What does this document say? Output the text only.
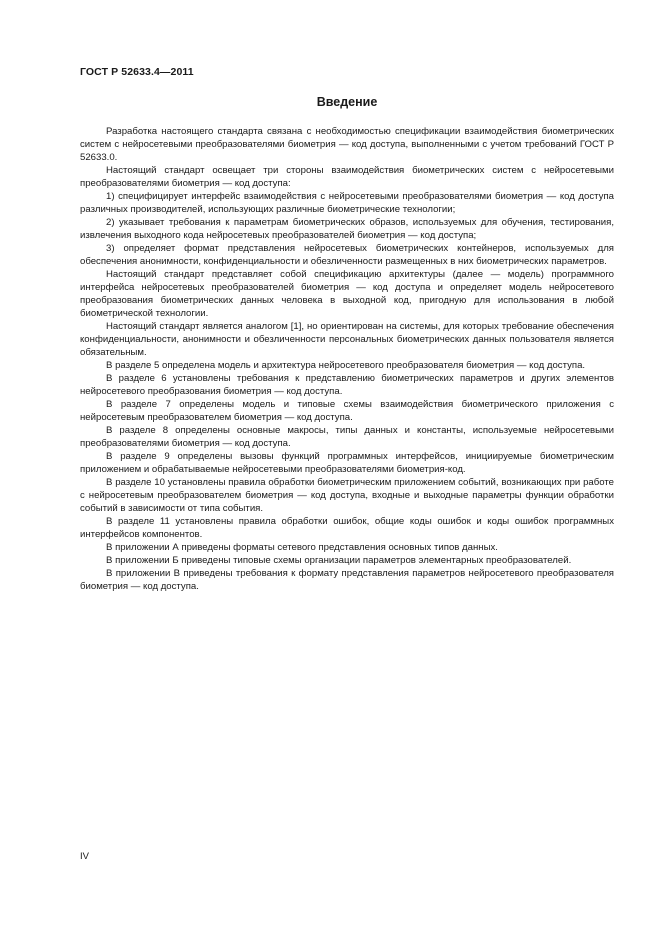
ГОСТ Р 52633.4—2011
Введение

Разработка настоящего стандарта связана с необходимостью спецификации взаимодействия биометрических систем с нейросетевыми преобразователями биометрия — код доступа, выполненными с учетом требований ГОСТ Р 52633.0.

Настоящий стандарт освещает три стороны взаимодействия биометрических систем с нейросетевыми преобразователями биометрия — код доступа:

1) специфицирует интерфейс взаимодействия с нейросетевыми преобразователями биометрия — код доступа различных производителей, использующих различные биометрические технологии;

2) указывает требования к параметрам биометрических образов, используемых для обучения, тестирования, извлечения выходного кода нейросетевых преобразователей биометрия — код доступа;

3) определяет формат представления нейросетевых биометрических контейнеров, используемых для обеспечения анонимности, конфиденциальности и обезличенности размещенных в них биометрических параметров.

Настоящий стандарт представляет собой спецификацию архитектуры (далее — модель) программного интерфейса нейросетевых преобразователей биометрия — код доступа и определяет модель нейросетевого преобразования биометрических данных человека в выходной код, пригодную для использования в любой биометрической технологии.

Настоящий стандарт является аналогом [1], но ориентирован на системы, для которых требование обеспечения конфиденциальности, анонимности и обезличенности персональных биометрических данных пользователя является обязательным.

В разделе 5 определена модель и архитектура нейросетевого преобразователя биометрия — код доступа.

В разделе 6 установлены требования к представлению биометрических параметров и других элементов нейросетевого преобразования биометрия — код доступа.

В разделе 7 определены модель и типовые схемы взаимодействия биометрического приложения с нейросетевым преобразователем биометрия — код доступа.

В разделе 8 определены основные макросы, типы данных и константы, используемые нейросетевыми преобразователями биометрия — код доступа.

В разделе 9 определены вызовы функций программных интерфейсов, инициируемые биометрическим приложением и обрабатываемые нейросетевыми преобразователями биометрия-код.

В разделе 10 установлены правила обработки биометрическим приложением событий, возникающих при работе с нейросетевым преобразователем биометрия — код доступа, входные и выходные параметры функции обработки событий в зависимости от типа события.

В разделе 11 установлены правила обработки ошибок, общие коды ошибок и коды ошибок программных интерфейсов компонентов.

В приложении А приведены форматы сетевого представления основных типов данных.

В приложении Б приведены типовые схемы организации параметров элементарных преобразователей.

В приложении В приведены требования к формату представления параметров нейросетевого преобразователя биометрия — код доступа.

IV
